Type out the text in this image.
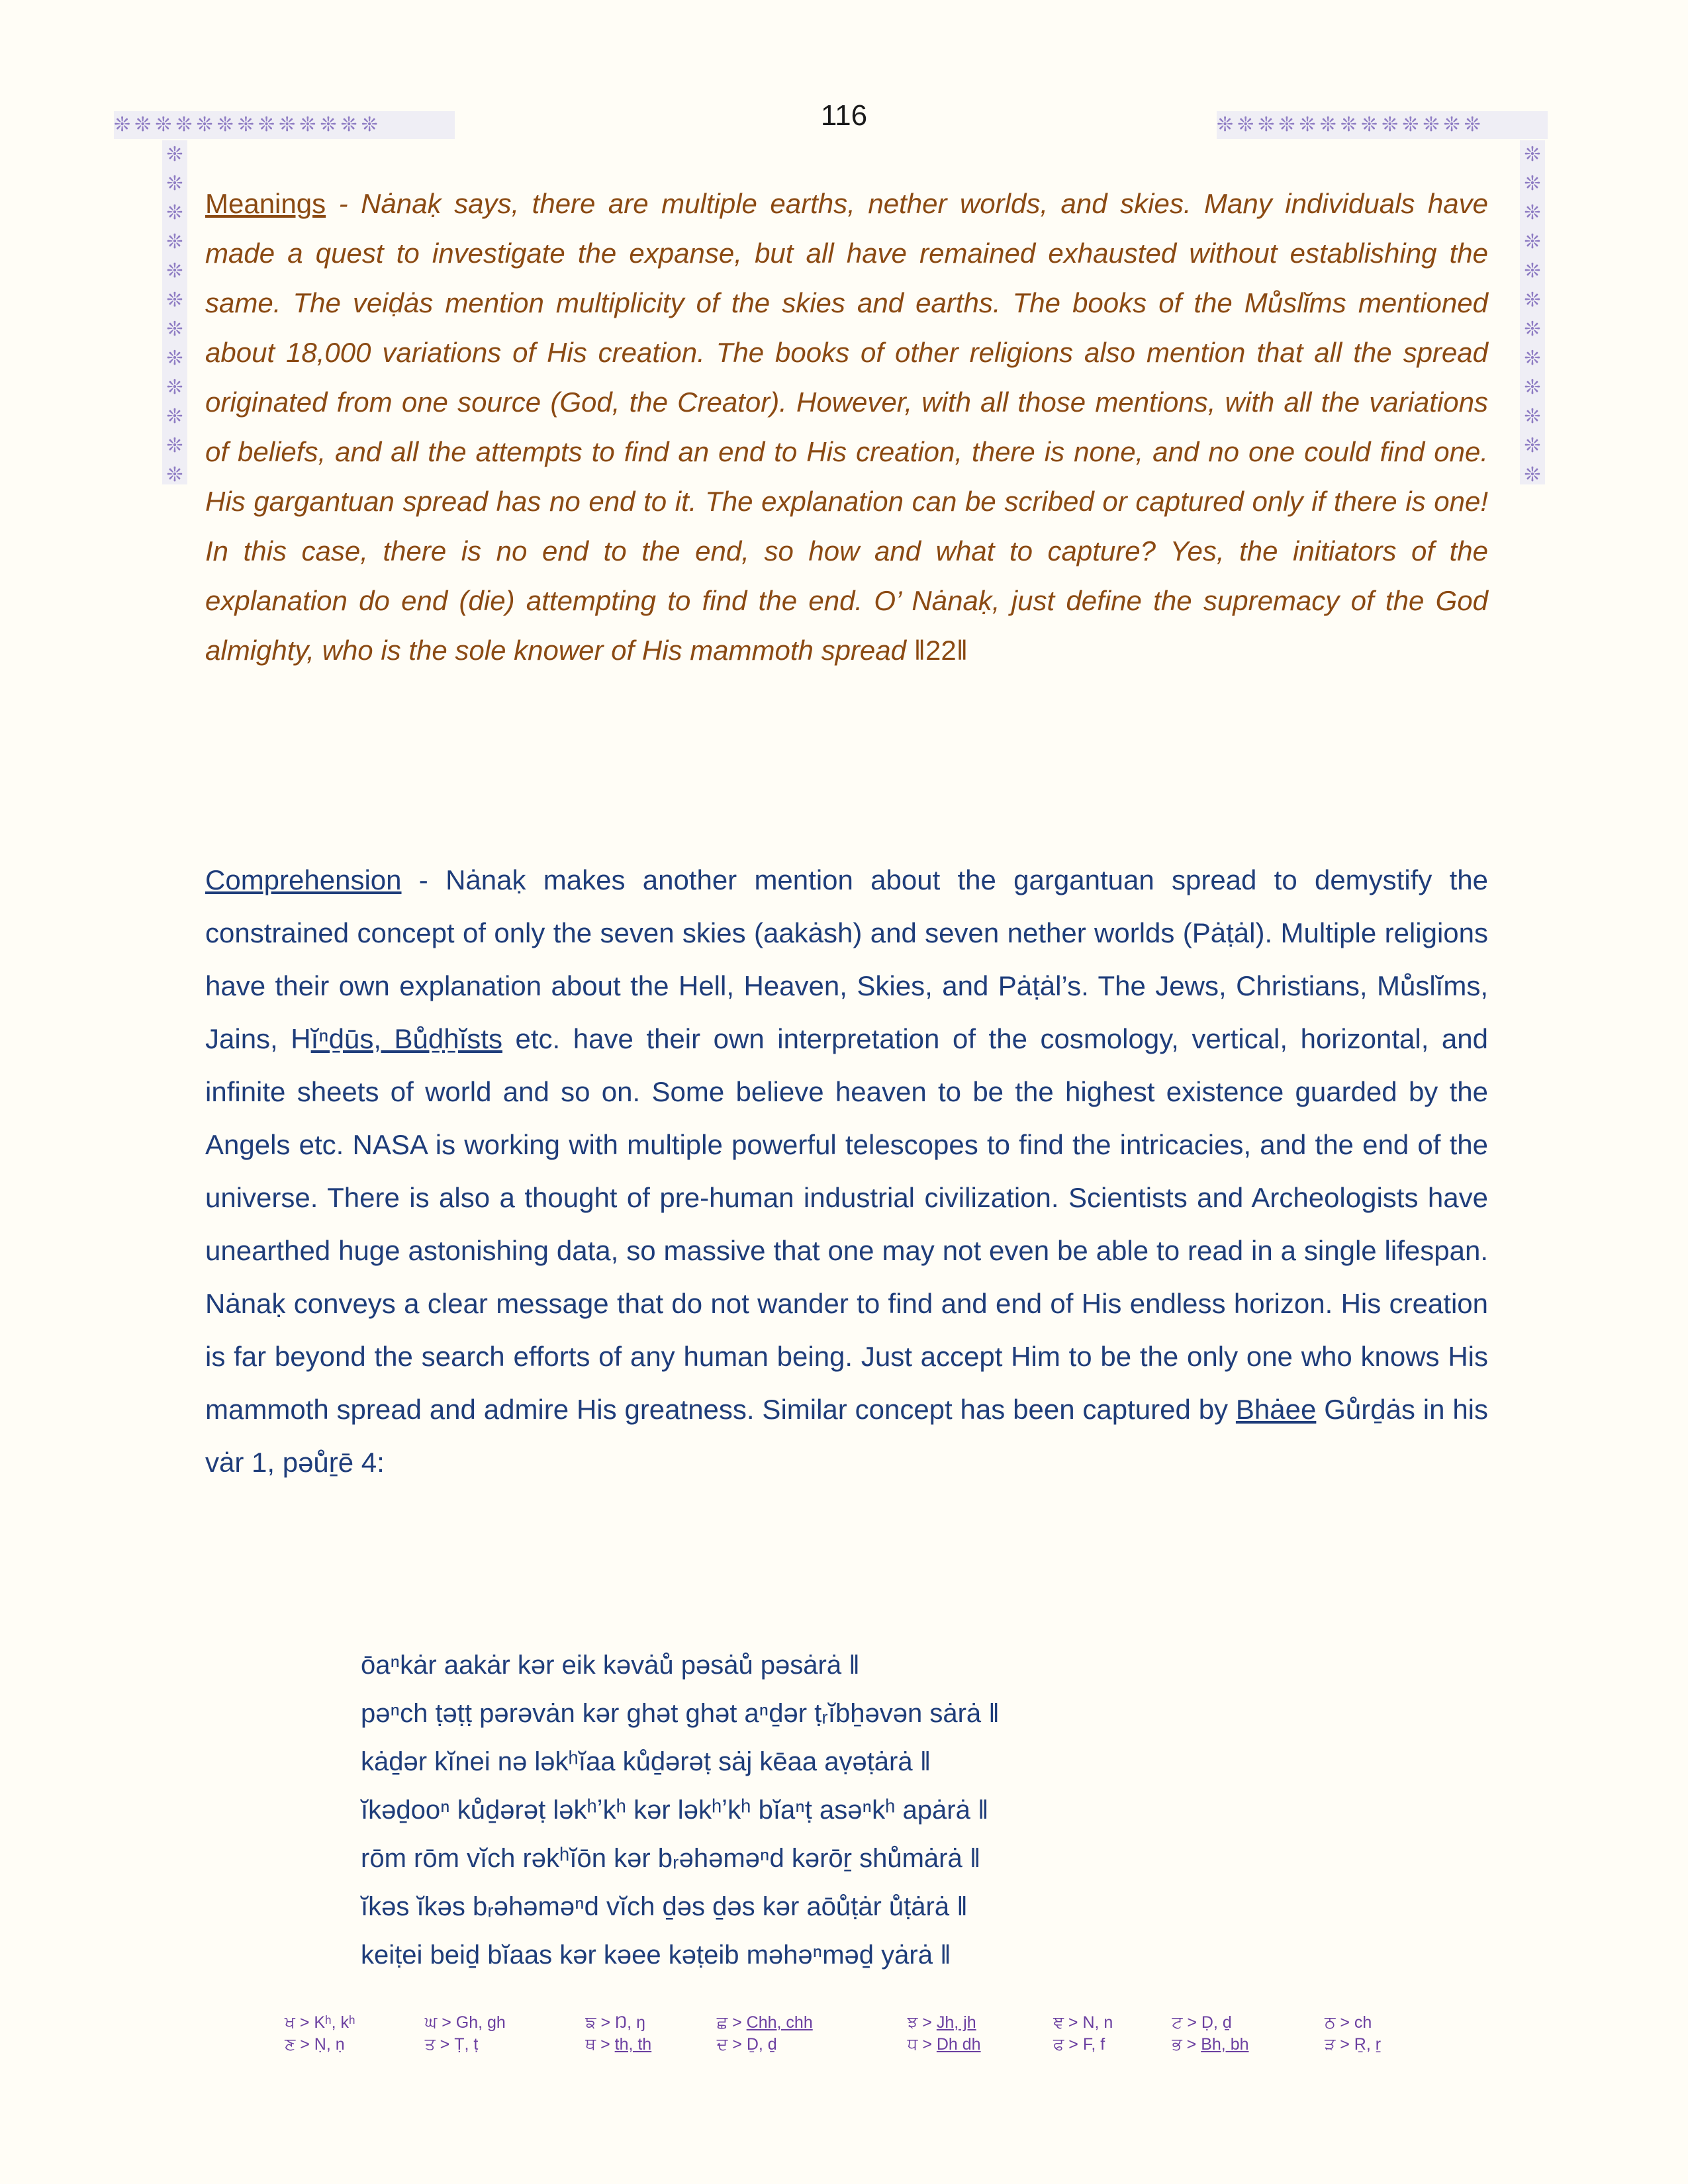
116
❊❊❊❊❊❊❊❊❊❊❊❊❊	❊❊❊❊❊❊❊❊❊❊❊❊❊
❊❊❊❊❊❊❊❊❊❊❊❊
❊❊❊❊❊❊❊❊❊❊❊❊
Meanings - Nȧnaḳ says, there are multiple earths, nether worlds, and skies. Many individuals have made a quest to investigate the expanse, but all have remained exhausted without establishing the same. The veiḍȧs mention multiplicity of the skies and earths. The books of the Mů̇slĭms mentioned about 18,000 variations of His creation. The books of other religions also mention that all the spread originated from one source (God, the Creator). However, with all those mentions, with all the variations of beliefs, and all the attempts to find an end to His creation, there is none, and no one could find one. His gargantuan spread has no end to it. The explanation can be scribed or captured only if there is one! In this case, there is no end to the end, so how and what to capture? Yes, the initiators of the explanation do end (die) attempting to find the end. O’ Nȧnaḳ, just define the supremacy of the God almighty, who is the sole knower of His mammoth spread ‖22‖
Comprehension - Nȧnaḳ makes another mention about the gargantuan spread to demystify the constrained concept of only the seven skies (aakȧsh) and seven nether worlds (Pȧṭȧl). Multiple religions have their own explanation about the Hell, Heaven, Skies, and Pȧṭȧl’s. The Jews, Christians, Mů̇slĭms, Jains, Hĭⁿḏūs, Bů̇ḏẖĭsts etc. have their own interpretation of the cosmology, vertical, horizontal, and infinite sheets of world and so on. Some believe heaven to be the highest existence guarded by the Angels etc. NASA is working with multiple powerful telescopes to find the intricacies, and the end of the universe. There is also a thought of pre-human industrial civilization. Scientists and Archeologists have unearthed huge astonishing data, so massive that one may not even be able to read in a single lifespan. Nȧnaḳ conveys a clear message that do not wander to find and end of His endless horizon. His creation is far beyond the search efforts of any human being. Just accept Him to be the only one who knows His mammoth spread and admire His greatness. Similar concept has been captured by Bhȧee Gů̇rḏȧs in his vȧr 1, pəů̇ṟē 4:
ōaⁿkȧr aakȧr kər eik kəvȧů̇ pəsȧů̇ pəsȧrȧ ‖
pəⁿch ṭəṭṭ pərəvȧn kər ghət ghət aⁿḏər ṭᵣĭbẖəvən sȧrȧ ‖
kȧḏər kĭnei nə ləkʰĭaa ků̇ḏərəṭ sȧj kēaa aṿəṭȧrȧ ‖
ĭkəḏooⁿ ků̇ḏərəṭ ləkʰʼkʰ kər ləkʰʼkʰ bĭaⁿṭ asəⁿkʰ apȧrȧ ‖
rōm rōm vĭch rəkʰĭōn kər bᵣəhəməⁿd kərōṟ shů̇mȧrȧ ‖
ĭkəs ĭkəs bᵣəhəməⁿd vĭch ḏəs ḏəs kər aōů̇ṭȧr ů̇ṭȧrȧ ‖
keiṭei beiḏ bĭaas kər kəee kəṭeib məhəⁿməḏ yȧrȧ ‖
ਖ > Kʰ, kʰ	ਘ > Gh, gh	ਙ > Ŋ, ŋ	ਛ > Chh, chh	ਝ > Jh, jh	ਞ > N, n	ਟ > Ḍ, ḏ	ਠ > ᴄh
ਣ > Ṇ, ṇ	ਤ > Ṭ, ṭ	ਥ > th, th	ਦ > Ḏ, ḏ	ਧ > Dh dh	ਫ > F, f	ਭ > Bh, bh	ੜ > Ṟ, ṟ
